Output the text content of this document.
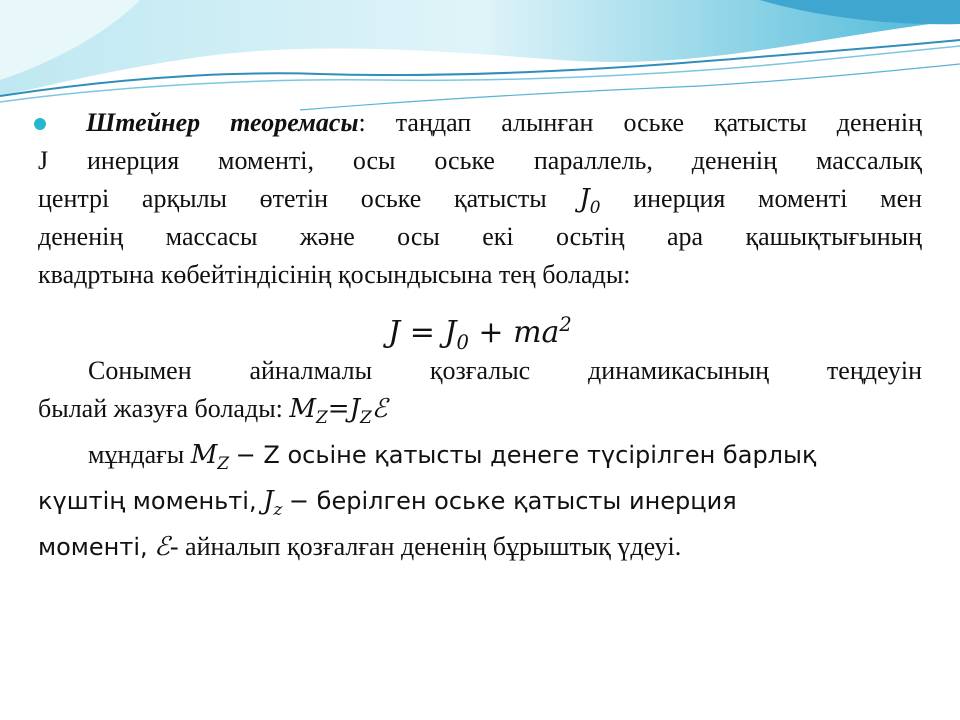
Штейнер теоремасы: таңдап алынған оське қатысты дененің
J инерция моменті, осы оське параллель, дененің массалық
центрі арқылы өтетін оське қатысты $J_0$ инерция моменті мен
дененің массасы және осы екі осьтің ара қашықтығының
квадртына көбейтіндісінің қосындысына тең болады:
$J = J_0 + ma^2$
Сонымен айналмалы қозғалыс динамикасының теңдеуін
былай жазуға болады: $M_Z=J_Zℰ$
мұндағы $M_Z - Z$ осьіне қатысты денеге түсірілген барлық
күштің моменьті, $J_z$ − берілген оське қатысты инерция
моменті, ℰ- айналып қозғалған дененің бұрыштық үдеуі.
